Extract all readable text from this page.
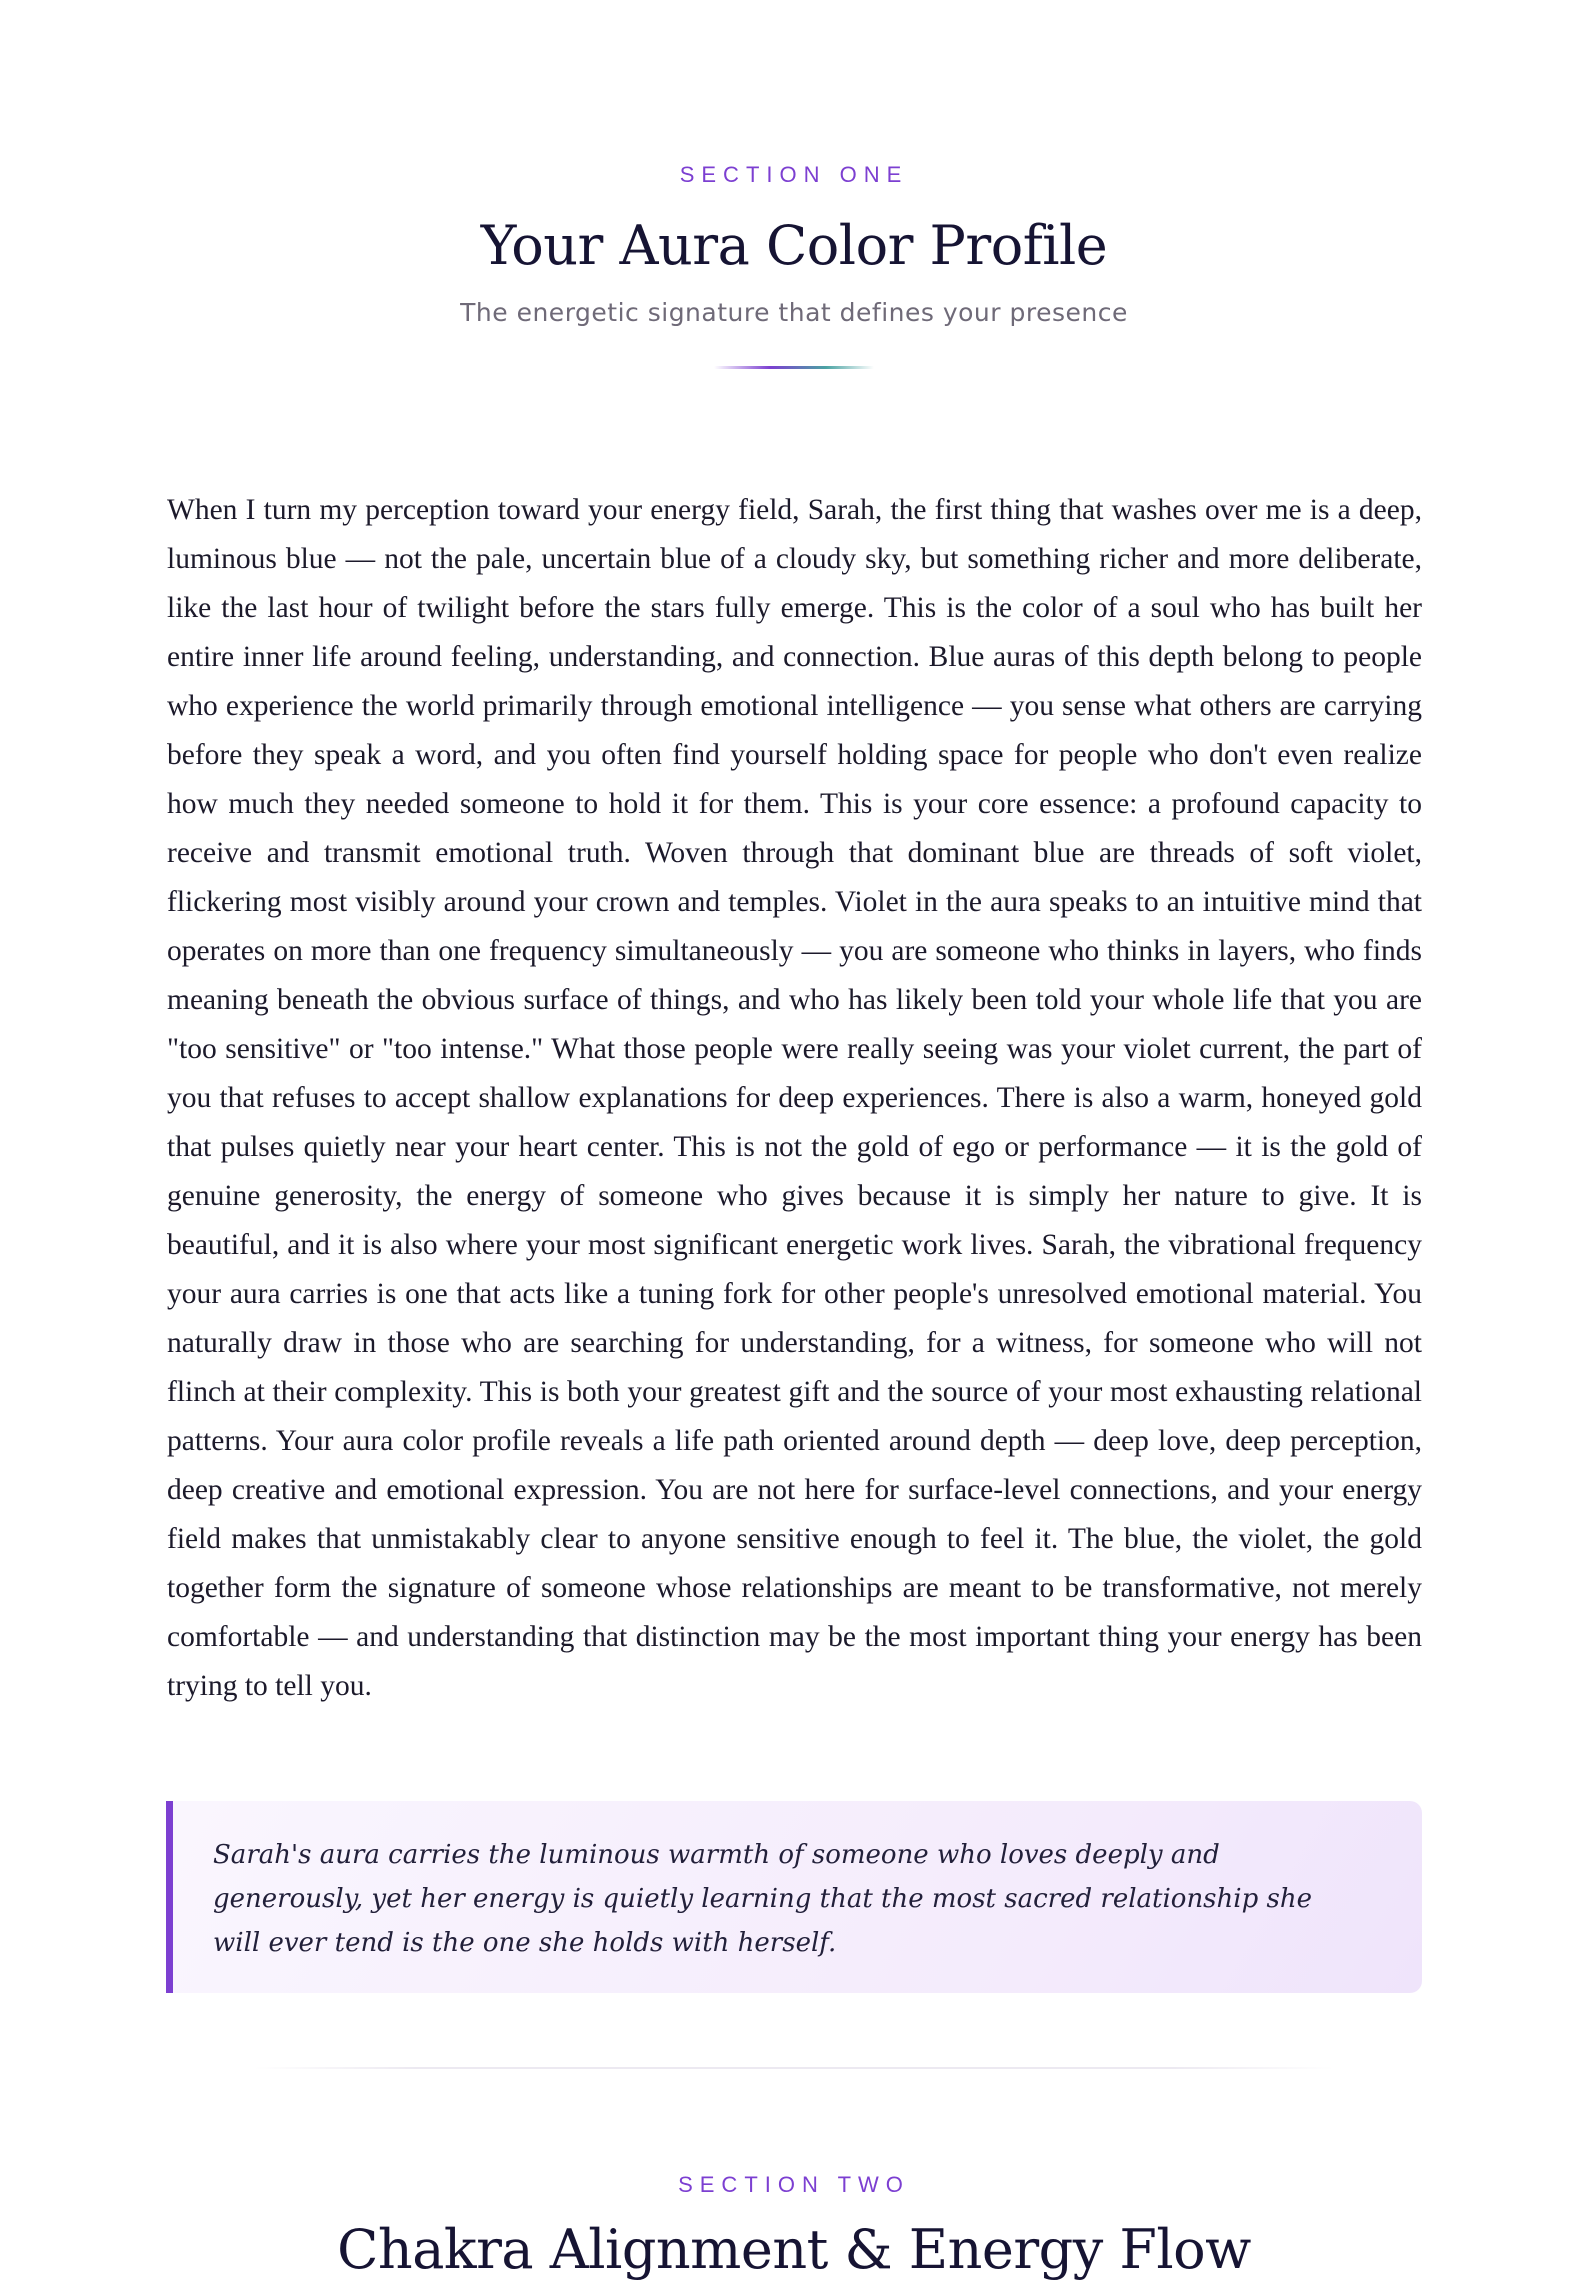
SECTION ONE

Your Aura Color Profile

The energetic signature that defines your presence

When I turn my perception toward your energy field, Sarah, the first thing that washes over me is a deep, luminous blue — not the pale, uncertain blue of a cloudy sky, but something richer and more deliberate, like the last hour of twilight before the stars fully emerge. This is the color of a soul who has built her entire inner life around feeling, understanding, and connection. Blue auras of this depth belong to people who experience the world primarily through emotional intelligence — you sense what others are carrying before they speak a word, and you often find yourself holding space for people who don't even realize how much they needed someone to hold it for them. This is your core essence: a profound capacity to receive and transmit emotional truth. Woven through that dominant blue are threads of soft violet, flickering most visibly around your crown and temples. Violet in the aura speaks to an intuitive mind that operates on more than one frequency simultaneously — you are someone who thinks in layers, who finds meaning beneath the obvious surface of things, and who has likely been told your whole life that you are "too sensitive" or "too intense." What those people were really seeing was your violet current, the part of you that refuses to accept shallow explanations for deep experiences. There is also a warm, honeyed gold that pulses quietly near your heart center. This is not the gold of ego or performance — it is the gold of genuine generosity, the energy of someone who gives because it is simply her nature to give. It is beautiful, and it is also where your most significant energetic work lives. Sarah, the vibrational frequency your aura carries is one that acts like a tuning fork for other people's unresolved emotional material. You naturally draw in those who are searching for understanding, for a witness, for someone who will not flinch at their complexity. This is both your greatest gift and the source of your most exhausting relational patterns. Your aura color profile reveals a life path oriented around depth — deep love, deep perception, deep creative and emotional expression. You are not here for surface-level connections, and your energy field makes that unmistakably clear to anyone sensitive enough to feel it. The blue, the violet, the gold together form the signature of someone whose relationships are meant to be transformative, not merely comfortable — and understanding that distinction may be the most important thing your energy has been trying to tell you.

Sarah's aura carries the luminous warmth of someone who loves deeply and generously, yet her energy is quietly learning that the most sacred relationship she will ever tend is the one she holds with herself.

SECTION TWO

Chakra Alignment & Energy Flow
